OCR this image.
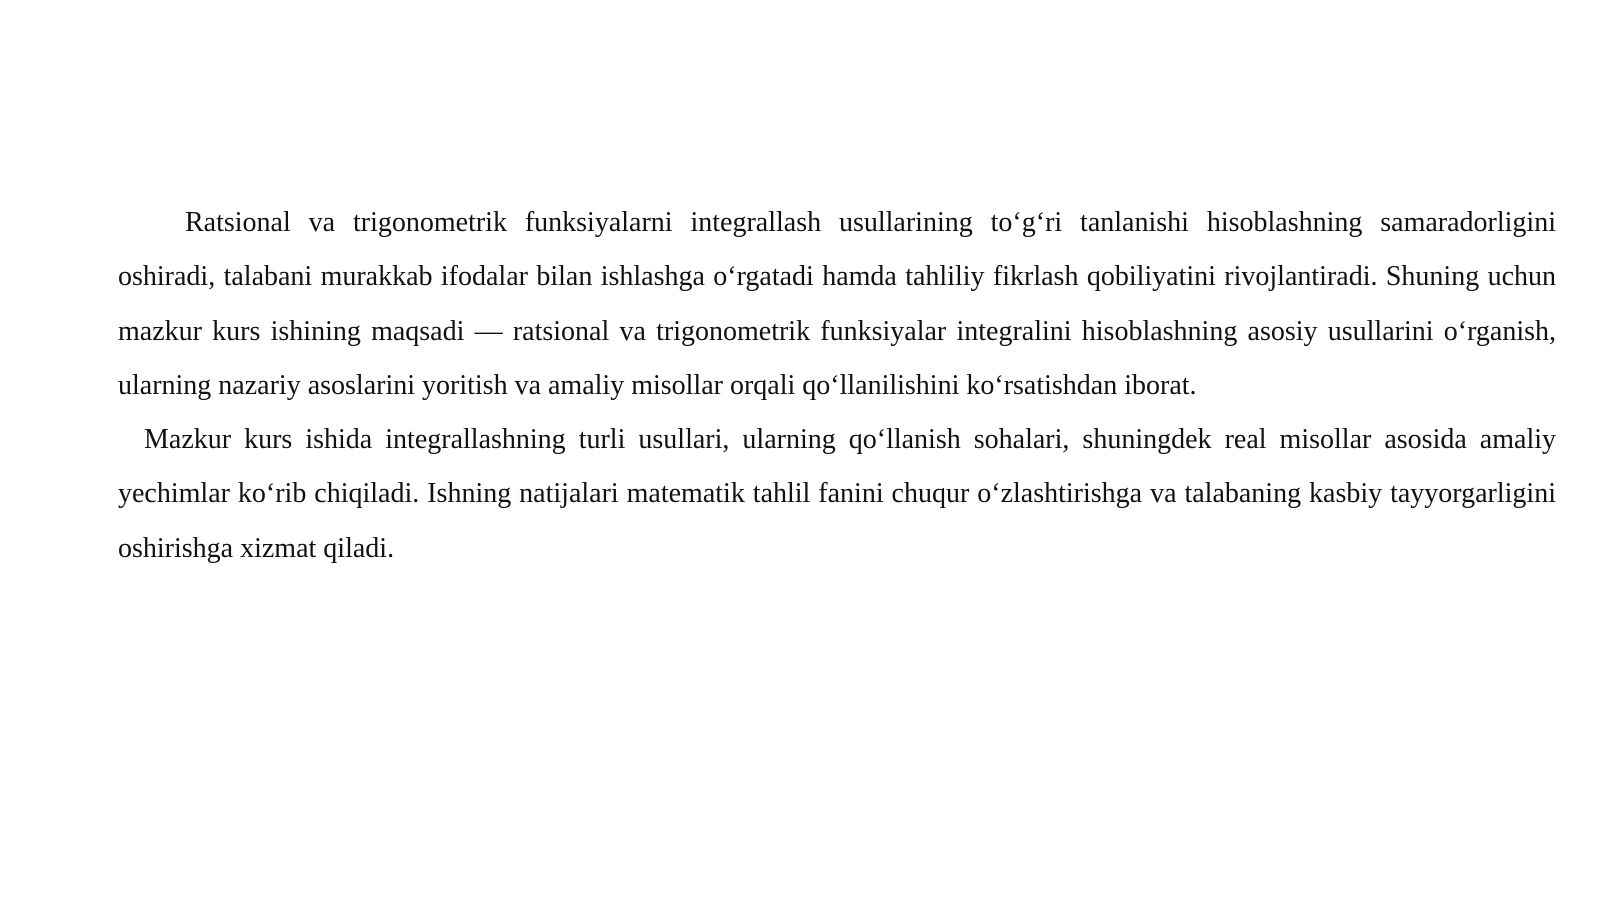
Ratsional va trigonometrik funksiyalarni integrallash usullarining to‘g‘ri tanlanishi hisoblashning samaradorligini oshiradi, talabani murakkab ifodalar bilan ishlashga o‘rgatadi hamda tahliliy fikrlash qobiliyatini rivojlantiradi. Shuning uchun mazkur kurs ishining maqsadi — ratsional va trigonometrik funksiyalar integralini hisoblashning asosiy usullarini o‘rganish, ularning nazariy asoslarini yoritish va amaliy misollar orqali qo‘llanilishini ko‘rsatishdan iborat.

Mazkur kurs ishida integrallashning turli usullari, ularning qo‘llanish sohalari, shuningdek real misollar asosida amaliy yechimlar ko‘rib chiqiladi. Ishning natijalari matematik tahlil fanini chuqur o‘zlashtirishga va talabaning kasbiy tayyorgarligini oshirishga xizmat qiladi.
